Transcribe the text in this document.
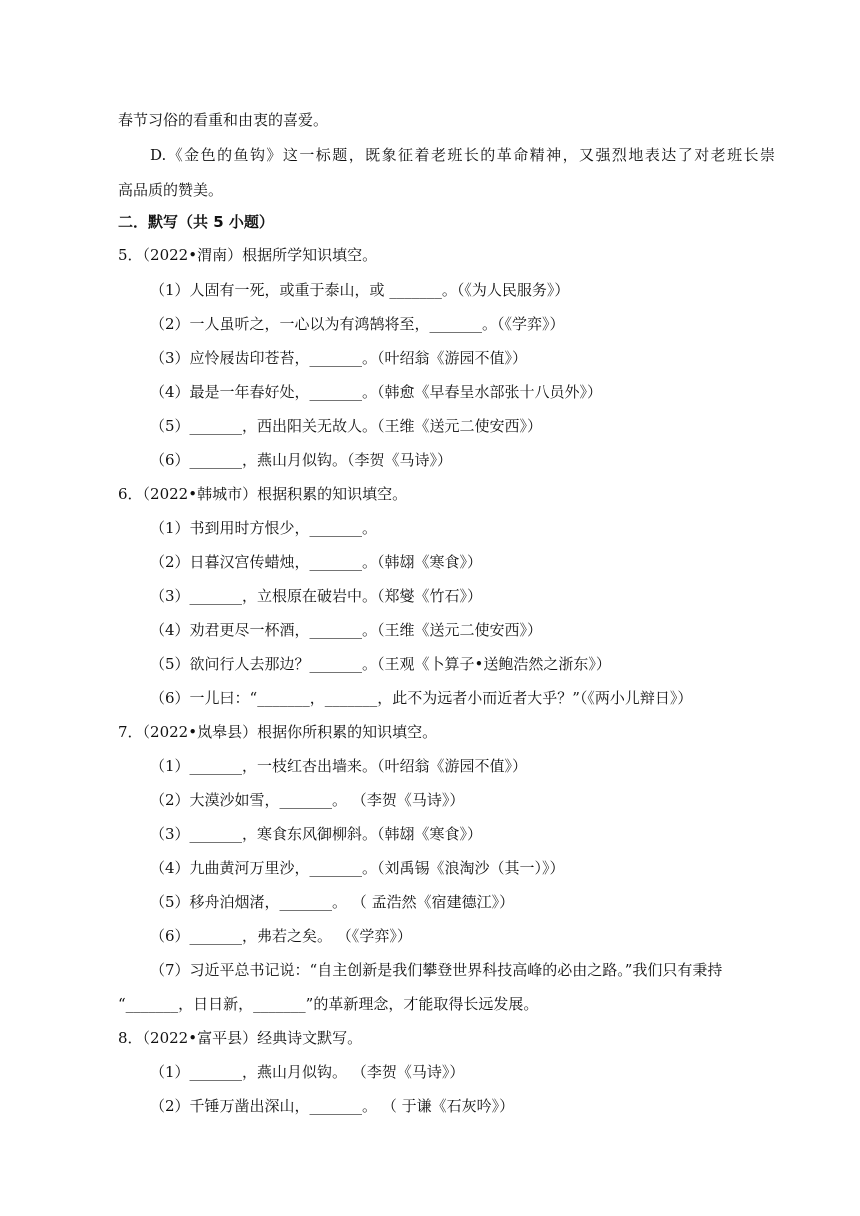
春节习俗的看重和由衷的喜爱。
D.《金色的鱼钩》这一标题，既象征着老班长的革命精神，又强烈地表达了对老班长崇
高品质的赞美。
二．默写（共 5 小题）
5．（2022•渭南）根据所学知识填空。
（1）人固有一死，或重于泰山，或 _______。（《为人民服务》）
（2）一人虽听之，一心以为有鸿鹄将至，_______。（《学弈》）
（3）应怜屐齿印苍苔，_______。（叶绍翁《游园不值》）
（4）最是一年春好处，_______。（韩愈《早春呈水部张十八员外》）
（5）_______，西出阳关无故人。（王维《送元二使安西》）
（6）_______，燕山月似钩。（李贺《马诗》）
6．（2022•韩城市）根据积累的知识填空。
（1）书到用时方恨少，_______。
（2）日暮汉宫传蜡烛，_______。（韩翃《寒食》）
（3）_______，立根原在破岩中。（郑燮《竹石》）
（4）劝君更尽一杯酒，_______。（王维《送元二使安西》）
（5）欲问行人去那边？_______。（王观《卜算子•送鲍浩然之浙东》）
（6）一儿曰：“_______，_______，此不为远者小而近者大乎？”（《两小儿辩日》）
7．（2022•岚皋县）根据你所积累的知识填空。
（1）_______，一枝红杏出墙来。（叶绍翁《游园不值》）
（2）大漠沙如雪，_______。 （李贺《马诗》）
（3）_______，寒食东风御柳斜。（韩翃《寒食》）
（4）九曲黄河万里沙，_______。（刘禹锡《浪淘沙（其一）》）
（5）移舟泊烟渚，_______。 （ 孟浩然《宿建德江》）
（6）_______，弗若之矣。 （《学弈》）
（7）习近平总书记说：“自主创新是我们攀登世界科技高峰的必由之路。”我们只有秉持
“_______，日日新，_______”的革新理念，才能取得长远发展。
8．（2022•富平县）经典诗文默写。
（1）_______，燕山月似钩。 （李贺《马诗》）
（2）千锤万凿出深山，_______。 （ 于谦《石灰吟》）
